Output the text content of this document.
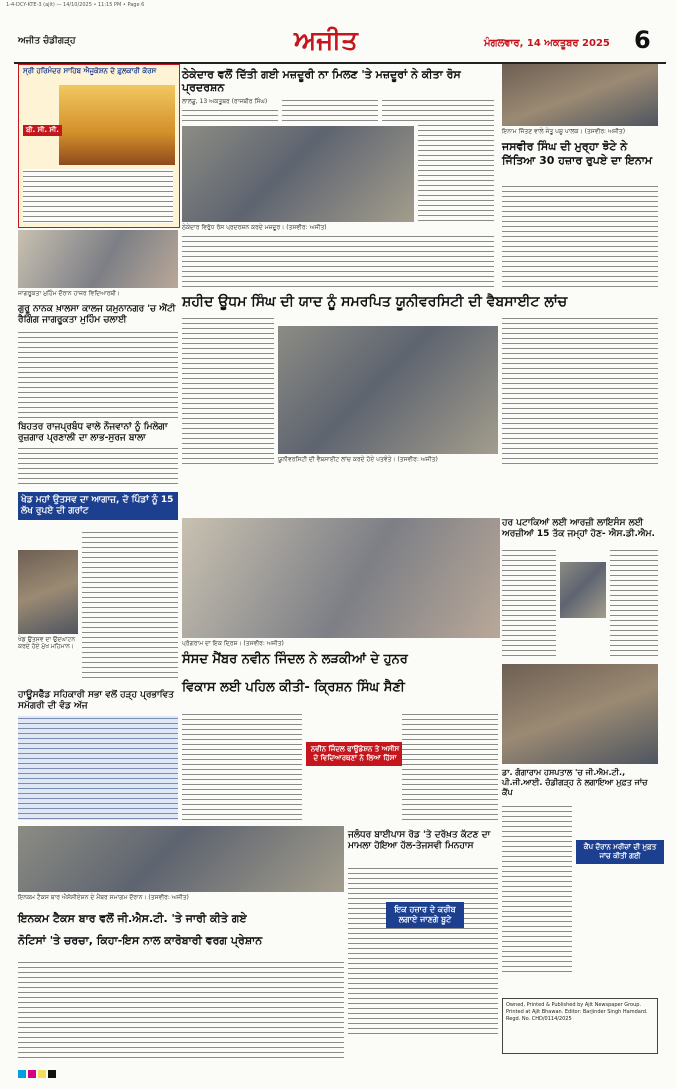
1-4-DCY-KTE-3 (ajit) — 14/10/2025 • 11:15 PM • Page 6
ਅਜੀਤ ਚੰਡੀਗੜ੍ਹ	ਅਜੀਤ	ਮੰਗਲਵਾਰ, 14 ਅਕਤੂਬਰ 2025 6
ਸ੍ਰੀ ਹਰਿਮੰਦਰ ਸਾਹਿਬ ਐਜੂਕੇਸ਼ਨ ਦੇ ਫ਼ੁਲਕਾਰੀ ਕੋਰਸ
ਬੀ. ਸੀ. ਸੀ.
ਠੇਕੇਦਾਰ ਵਲੋਂ ਦਿੱਤੀ ਗਈ ਮਜ਼ਦੂਰੀ ਨਾ ਮਿਲਣ 'ਤੇ ਮਜ਼ਦੂਰਾਂ ਨੇ ਕੀਤਾ ਰੋਸ ਪ੍ਰਦਰਸ਼ਨ
ਲਾਲੜੂ, 13 ਅਕਤੂਬਰ (ਰਾਜਬੀਰ ਸਿੰਘ)
ਠੇਕੇਦਾਰ ਵਿਰੁੱਧ ਰੋਸ ਪ੍ਰਦਰਸ਼ਨ ਕਰਦੇ ਮਜ਼ਦੂਰ। (ਤਸਵੀਰ: ਅਜੀਤ)
ਇਨਾਮ ਜਿੱਤਣ ਵਾਲੇ ਜੇਤੂ ਪਸ਼ੂ ਪਾਲਕ। (ਤਸਵੀਰ: ਅਜੀਤ)
ਜਸਵੀਰ ਸਿੰਘ ਦੀ ਮੁਰ੍ਹਾ ਝੋਟੇ ਨੇ ਜਿੱਤਿਆ 30 ਹਜ਼ਾਰ ਰੁਪਏ ਦਾ ਇਨਾਮ
ਜਾਗਰੂਕਤਾ ਮੁਹਿੰਮ ਦੌਰਾਨ ਹਾਜ਼ਰ ਵਿਦਿਆਰਥੀ।
ਗੁਰੂ ਨਾਨਕ ਖ਼ਾਲਸਾ ਕਾਲਜ ਯਮੁਨਾਨਗਰ 'ਚ ਐਂਟੀ ਰੈਗਿੰਗ ਜਾਗਰੂਕਤਾ ਮੁਹਿੰਮ ਚਲਾਈ
ਸ਼ਹੀਦ ਊਧਮ ਸਿੰਘ ਦੀ ਯਾਦ ਨੂੰ ਸਮਰਪਿਤ ਯੂਨੀਵਰਸਿਟੀ ਦੀ ਵੈਬਸਾਈਟ ਲਾਂਚ
ਯੂਨੀਵਰਸਿਟੀ ਦੀ ਵੈਬਸਾਈਟ ਲਾਂਚ ਕਰਦੇ ਹੋਏ ਪਤਵੰਤੇ। (ਤਸਵੀਰ: ਅਜੀਤ)
ਬਿਹਤਰ ਰਾਜਪ੍ਰਬੰਧ ਵਾਲੇ ਨੌਜਵਾਨਾਂ ਨੂੰ ਮਿਲੇਗਾ ਰੁਜ਼ਗਾਰ ਪ੍ਰਣਾਲੀ ਦਾ ਲਾਭ-ਸੁਰਜ ਬਾਲਾ
ਖੇਡ ਮਹਾਂ ਉਤਸਵ ਦਾ ਆਗਾਜ਼, ਦੋ ਪਿੰਡਾਂ ਨੂੰ 15 ਲੱਖ ਰੁਪਏ ਦੀ ਗਰਾਂਟ
ਖੇਡ ਉਤਸਵ ਦਾ ਉਦਘਾਟਨ ਕਰਦੇ ਹੋਏ ਮੁੱਖ ਮਹਿਮਾਨ।	ਪ੍ਰੋਗਰਾਮ ਦਾ ਇਕ ਦ੍ਰਿਸ਼। (ਤਸਵੀਰ: ਅਜੀਤ)
ਸੰਸਦ ਮੈਂਬਰ ਨਵੀਨ ਜਿੰਦਲ ਨੇ ਲੜਕੀਆਂ ਦੇ ਹੁਨਰ
ਵਿਕਾਸ ਲਈ ਪਹਿਲ ਕੀਤੀ- ਕ੍ਰਿਸ਼ਨ ਸਿੰਘ ਸੈਣੀ
ਨਵੀਨ ਜਿੰਦਲ ਫਾਊਂਡੇਸ਼ਨ ਤੇ ਅਸੀਸ ਦੇ ਵਿਦਿਆਰਥਣਾਂ ਨੇ ਲਿਆ ਹਿੱਸਾ
ਹਰ ਪਟਾਕਿਆਂ ਲਈ ਆਰਜ਼ੀ ਲਾਇਸੰਸ ਲਈ ਅਰਜ਼ੀਆਂ 15 ਤੱਕ ਜਮ੍ਹਾਂ ਹੋਣ- ਐਸ.ਡੀ.ਐਮ.
ਹਾਊਸਫੈੱਡ ਸਹਿਕਾਰੀ ਸਭਾ ਵਲੋਂ ਹੜ੍ਹ ਪ੍ਰਭਾਵਿਤ ਸਮੱਗਰੀ ਦੀ ਵੰਡ ਅੱਜ
ਡਾ. ਗੰਗਾਰਾਮ ਹਸਪਤਾਲ 'ਚ ਜੀ.ਐਮ.ਟੀ., ਪੀ.ਜੀ.ਆਈ. ਚੰਡੀਗੜ੍ਹ ਨੇ ਲਗਾਇਆ ਮੁਫ਼ਤ ਜਾਂਚ ਕੈਂਪ
ਕੈਂਪ ਦੌਰਾਨ ਮਰੀਜ਼ਾਂ ਦੀ ਮੁਫ਼ਤ ਜਾਂਚ ਕੀਤੀ ਗਈ
ਇਨਕਮ ਟੈਕਸ ਬਾਰ ਐਸੋਸੀਏਸ਼ਨ ਦੇ ਮੈਂਬਰ ਸਮਾਗਮ ਦੌਰਾਨ। (ਤਸਵੀਰ: ਅਜੀਤ)
ਜਲੰਧਰ ਬਾਈਪਾਸ ਰੋਡ 'ਤੇ ਦਰੱਖ਼ਤ ਕੱਟਣ ਦਾ ਮਾਮਲਾ ਹੋਇਆ ਹੱਲ-ਤੇਜਸਵੀ ਮਿਨਹਾਸ
ਇਕ ਹਜ਼ਾਰ ਦੇ ਕਰੀਬ ਲਗਾਏ ਜਾਣਗੇ ਬੂਟੇ
ਇਨਕਮ ਟੈਕਸ ਬਾਰ ਵਲੋਂ ਜੀ.ਐਸ.ਟੀ. 'ਤੇ ਜਾਰੀ ਕੀਤੇ ਗਏ
ਨੋਟਿਸਾਂ 'ਤੇ ਚਰਚਾ, ਕਿਹਾ-ਇਸ ਨਾਲ ਕਾਰੋਬਾਰੀ ਵਰਗ ਪ੍ਰੇਸ਼ਾਨ
Owned, Printed & Published by Ajit Newspaper Group. Printed at Ajit Bhawan. Editor: Barjinder Singh Hamdard. Regd. No. CHD/0114/2025
